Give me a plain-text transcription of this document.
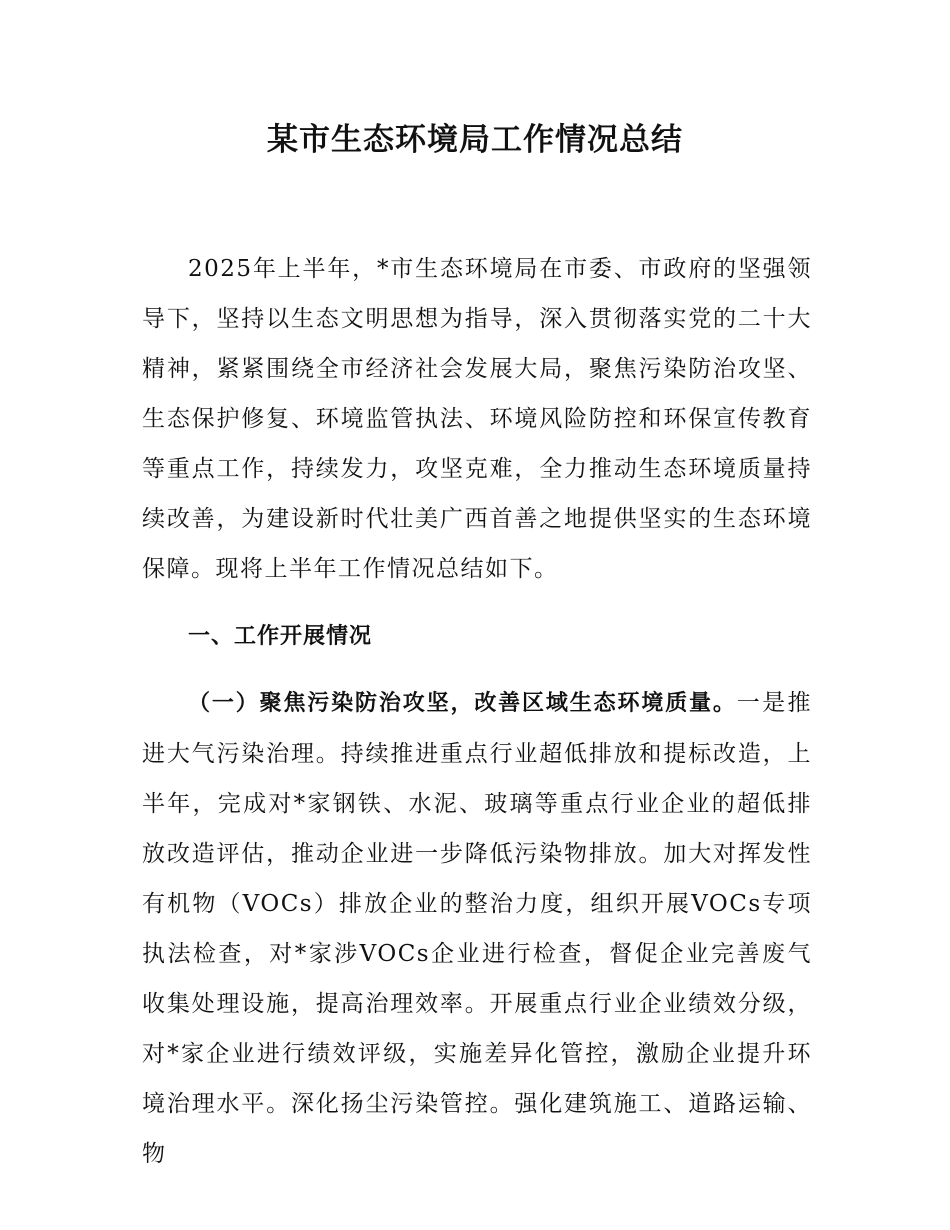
某市生态环境局工作情况总结

2025年上半年，*市生态环境局在市委、市政府的坚强领导下，坚持以生态文明思想为指导，深入贯彻落实党的二十大精神，紧紧围绕全市经济社会发展大局，聚焦污染防治攻坚、生态保护修复、环境监管执法、环境风险防控和环保宣传教育等重点工作，持续发力，攻坚克难，全力推动生态环境质量持续改善，为建设新时代壮美广西首善之地提供坚实的生态环境保障。现将上半年工作情况总结如下。

一、工作开展情况

（一）聚焦污染防治攻坚，改善区域生态环境质量。一是推进大气污染治理。持续推进重点行业超低排放和提标改造，上半年，完成对*家钢铁、水泥、玻璃等重点行业企业的超低排放改造评估，推动企业进一步降低污染物排放。加大对挥发性有机物（VOCs）排放企业的整治力度，组织开展VOCs专项执法检查，对*家涉VOCs企业进行检查，督促企业完善废气收集处理设施，提高治理效率。开展重点行业企业绩效分级，对*家企业进行绩效评级，实施差异化管控，激励企业提升环境治理水平。深化扬尘污染管控。强化建筑施工、道路运输、物
